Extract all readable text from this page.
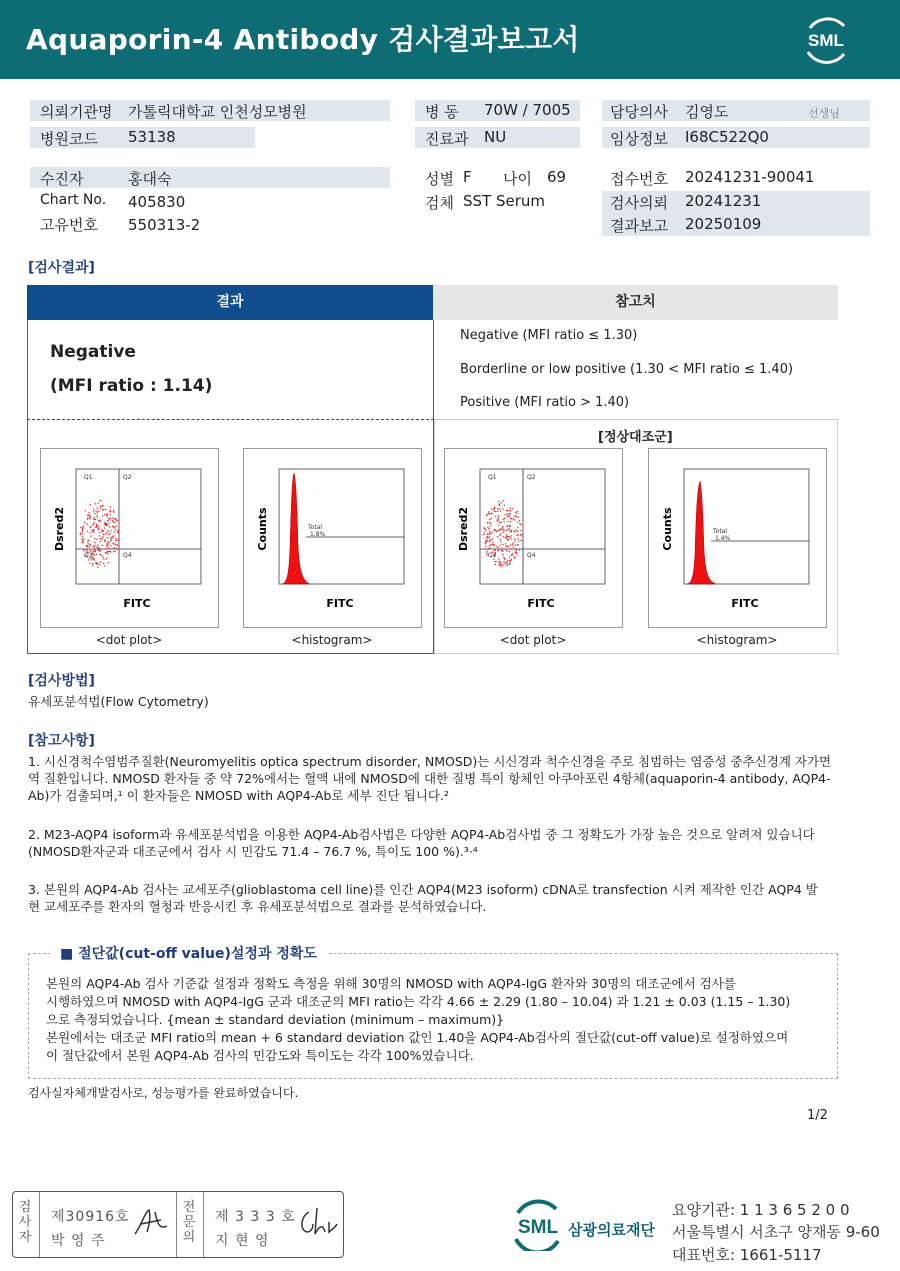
Aquaporin-4 Antibody 검사결과보고서	SML
의뢰기관명 가톨릭대학교 인천성모병원
병원코드 53138
병 동 70W / 7005
진료과 NU
담당의사 김영도	선생님
임상정보 I68C522Q0
수진자	홍대숙
Chart No. 405830
고유번호 550313-2
성별 F 나이 69
검체 SST Serum
접수번호 20241231-90041
검사의뢰 20241231
결과보고 20250109
[검사결과]
결과	참고치
Negative
(MFI ratio : 1.14)
Negative (MFI ratio ≤ 1.30)
Borderline or low positive (1.30 < MFI ratio ≤ 1.40)
Positive (MFI ratio > 1.40)
[정상대조군]
Q1	Q2
Q3	Q4
Dsred2
FITC
Total
1.8%
Counts
FITC
Q1	Q2
Q3	Q4
Dsred2
FITC
Total
1.4%
Counts
FITC
<dot plot>	<histogram>	<dot plot>	<histogram>
[검사방법]
유세포분석법(Flow Cytometry)
[참고사항]
1. 시신경척수염범주질환(Neuromyelitis optica spectrum disorder, NMOSD)는 시신경과 척수신경을 주로 침범하는 염증성 중추신경계 자가면역 질환입니다. NMOSD 환자들 중 약 72%에서는 혈액 내에 NMOSD에 대한 질병 특이 항체인 아쿠아포린 4항체(aquaporin-4 antibody, AQP4-Ab)가 검출되며,¹ 이 환자들은 NMOSD with AQP4-Ab로 세부 진단 됩니다.²
2. M23-AQP4 isoform과 유세포분석법을 이용한 AQP4-Ab검사법은 다양한 AQP4-Ab검사법 중 그 정확도가 가장 높은 것으로 알려져 있습니다(NMOSD환자군과 대조군에서 검사 시 민감도 71.4 – 76.7 %, 특이도 100 %).³·⁴
3. 본원의 AQP4-Ab 검사는 교세포주(glioblastoma cell line)를 인간 AQP4(M23 isoform) cDNA로 transfection 시켜 제작한 인간 AQP4 발현 교세포주를 환자의 혈청과 반응시킨 후 유세포분석법으로 결과를 분석하였습니다.
■ 절단값(cut-off value)설정과 정확도
본원의 AQP4-Ab 검사 기준값 설정과 정확도 측정을 위해 30명의 NMOSD with AQP4-IgG 환자와 30명의 대조군에서 검사를
시행하였으며 NMOSD with AQP4-IgG 군과 대조군의 MFI ratio는 각각 4.66 ± 2.29 (1.80 – 10.04) 과 1.21 ± 0.03 (1.15 – 1.30)
으로 측정되었습니다. {mean ± standard deviation (minimum – maximum)}
본원에서는 대조군 MFI ratio의 mean + 6 standard deviation 값인 1.40을 AQP4-Ab검사의 절단값(cut-off value)로 설정하였으며
이 절단값에서 본원 AQP4-Ab 검사의 민감도와 특이도는 각각 100%였습니다.
검사실자체개발검사로, 성능평가를 완료하였습니다.
1/2
검사자
제30916호
박 영 주
전문의
제 3 3 3 호
지 현 영
SML 삼광의료재단
요양기관: 1 1 3 6 5 2 0 0
서울특별시 서초구 양재동 9-60
대표번호: 1661-5117
